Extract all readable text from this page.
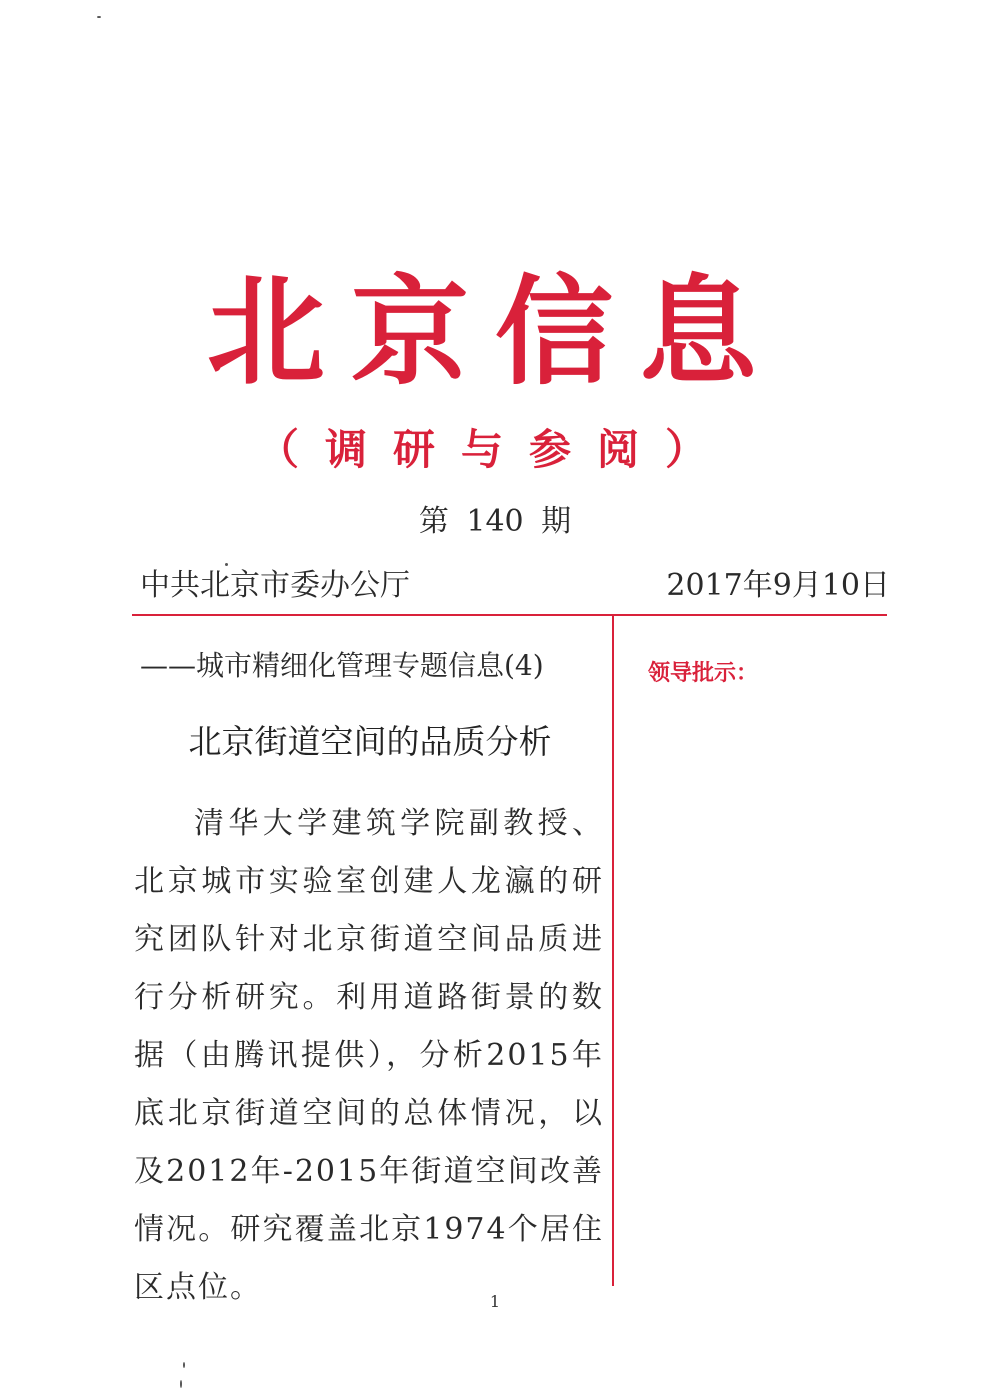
北京信息
（调研与参阅）
第 140 期
中共北京市委办公厅	2017年9月10日
——城市精细化管理专题信息(4)	领导批示：
北京街道空间的品质分析
清华大学建筑学院副教授、北京城市实验室创建人龙瀛的研究团队针对北京街道空间品质进行分析研究。利用道路街景的数据（由腾讯提供），分析2015年底北京街道空间的总体情况，以及2012年-2015年街道空间改善情况。研究覆盖北京1974个居住区点位。	1
